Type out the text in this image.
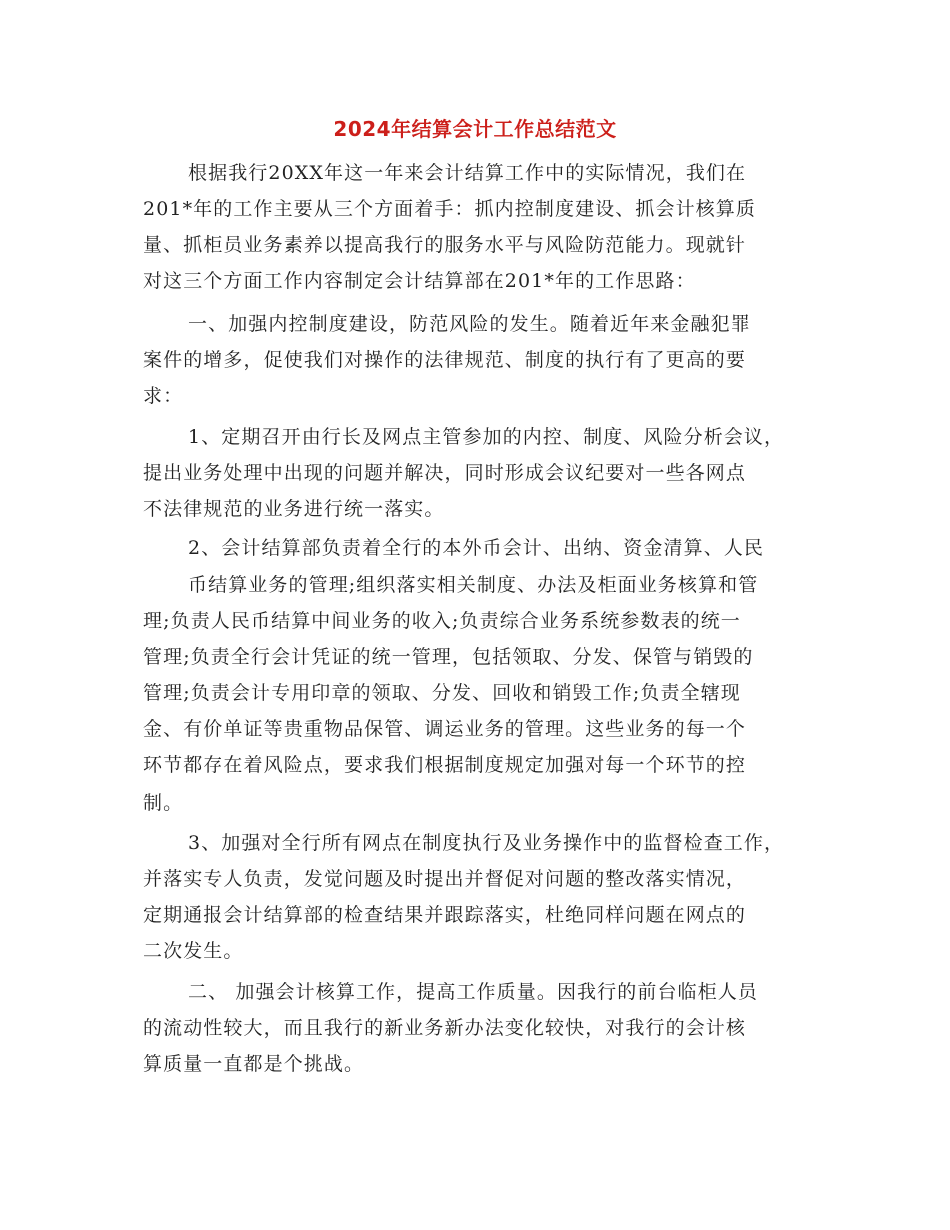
2024年结算会计工作总结范文
根据我行20XX年这一年来会计结算工作中的实际情况，我们在
201*年的工作主要从三个方面着手：抓内控制度建设、抓会计核算质
量、抓柜员业务素养以提高我行的服务水平与风险防范能力。现就针
对这三个方面工作内容制定会计结算部在201*年的工作思路：
一、加强内控制度建设，防范风险的发生。随着近年来金融犯罪
案件的增多，促使我们对操作的法律规范、制度的执行有了更高的要
求：
1、定期召开由行长及网点主管参加的内控、制度、风险分析会议，
提出业务处理中出现的问题并解决，同时形成会议纪要对一些各网点
不法律规范的业务进行统一落实。
2、会计结算部负责着全行的本外币会计、出纳、资金清算、人民
币结算业务的管理;组织落实相关制度、办法及柜面业务核算和管
理;负责人民币结算中间业务的收入;负责综合业务系统参数表的统一
管理;负责全行会计凭证的统一管理，包括领取、分发、保管与销毁的
管理;负责会计专用印章的领取、分发、回收和销毁工作;负责全辖现
金、有价单证等贵重物品保管、调运业务的管理。这些业务的每一个
环节都存在着风险点，要求我们根据制度规定加强对每一个环节的控
制。
3、加强对全行所有网点在制度执行及业务操作中的监督检查工作，
并落实专人负责，发觉问题及时提出并督促对问题的整改落实情况，
定期通报会计结算部的检查结果并跟踪落实，杜绝同样问题在网点的
二次发生。
二、 加强会计核算工作，提高工作质量。因我行的前台临柜人员
的流动性较大，而且我行的新业务新办法变化较快，对我行的会计核
算质量一直都是个挑战。
